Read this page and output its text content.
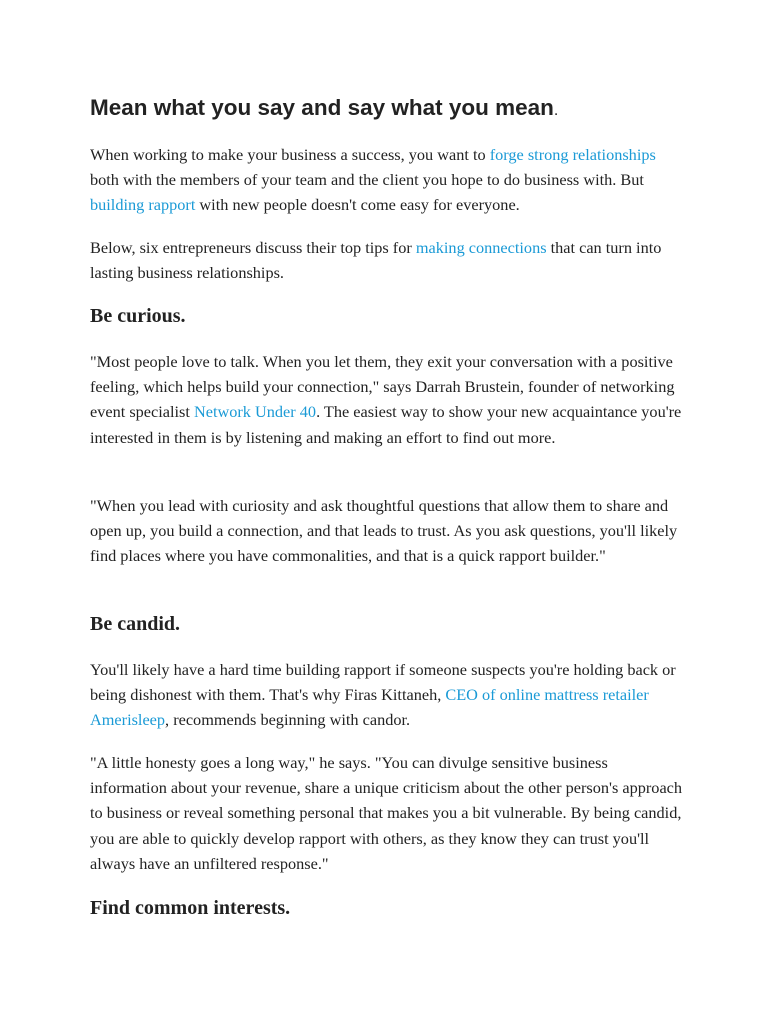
Mean what you say and say what you mean.

When working to make your business a success, you want to forge strong relationships both with the members of your team and the client you hope to do business with. But building rapport with new people doesn't come easy for everyone.

Below, six entrepreneurs discuss their top tips for making connections that can turn into lasting business relationships.

Be curious.

"Most people love to talk. When you let them, they exit your conversation with a positive feeling, which helps build your connection," says Darrah Brustein, founder of networking event specialist Network Under 40. The easiest way to show your new acquaintance you're interested in them is by listening and making an effort to find out more.

"When you lead with curiosity and ask thoughtful questions that allow them to share and open up, you build a connection, and that leads to trust. As you ask questions, you'll likely find places where you have commonalities, and that is a quick rapport builder."

Be candid.

You'll likely have a hard time building rapport if someone suspects you're holding back or being dishonest with them. That's why Firas Kittaneh, CEO of online mattress retailer Amerisleep, recommends beginning with candor.

"A little honesty goes a long way," he says. "You can divulge sensitive business information about your revenue, share a unique criticism about the other person's approach to business or reveal something personal that makes you a bit vulnerable. By being candid, you are able to quickly develop rapport with others, as they know they can trust you'll always have an unfiltered response."

Find common interests.
